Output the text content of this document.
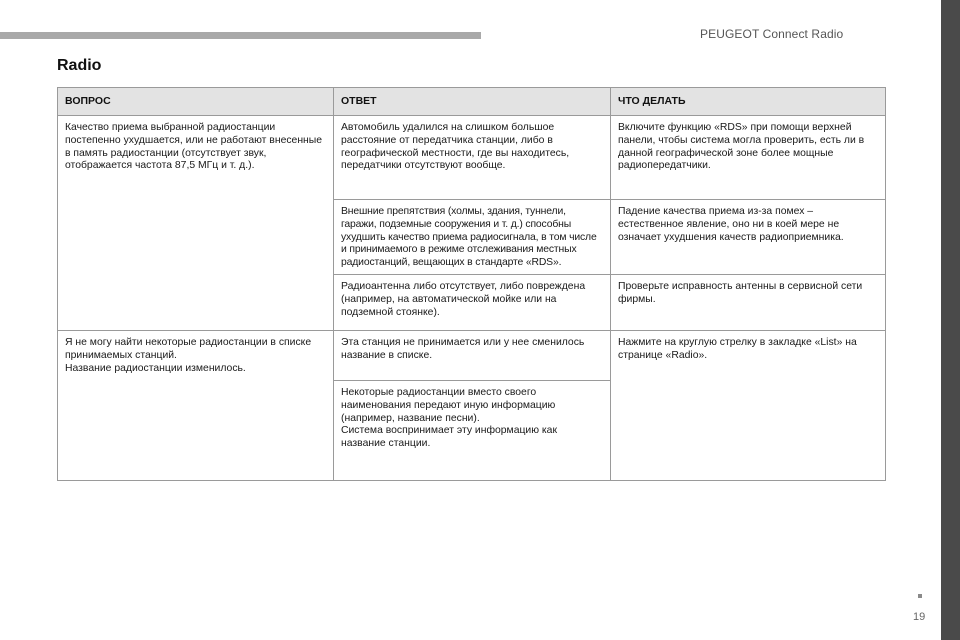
PEUGEOT Connect Radio
Radio
ВОПРОС	ОТВЕТ	ЧТО ДЕЛАТЬ
Качество приема выбранной радиостанции постепенно ухудшается, или не работают внесенные в память радиостанции (отсутствует звук, отображается частота 87,5 МГц и т. д.).	Автомобиль удалился на слишком большое расстояние от передатчика станции, либо в географической местности, где вы находитесь, передатчики отсутствуют вообще.	Включите функцию «RDS» при помощи верхней панели, чтобы система могла проверить, есть ли в данной географической зоне более мощные радиопередатчики.
	Внешние препятствия (холмы, здания, туннели, гаражи, подземные сооружения и т. д.) способны ухудшить качество приема радиосигнала, в том числе и принимаемого в режиме отслеживания местных радиостанций, вещающих в стандарте «RDS».	Падение качества приема из-за помех – естественное явление, оно ни в коей мере не означает ухудшения качеств радиоприемника.
	Радиоантенна либо отсутствует, либо повреждена (например, на автоматической мойке или на подземной стоянке).	Проверьте исправность антенны в сервисной сети фирмы.
Я не могу найти некоторые радиостанции в списке принимаемых станций.
Название радиостанции изменилось.	Эта станция не принимается или у нее сменилось название в списке.	Нажмите на круглую стрелку в закладке «List» на странице «Radio».
	Некоторые радиостанции вместо своего наименования передают иную информацию (например, название песни).
Система воспринимает эту информацию как название станции.	
19
